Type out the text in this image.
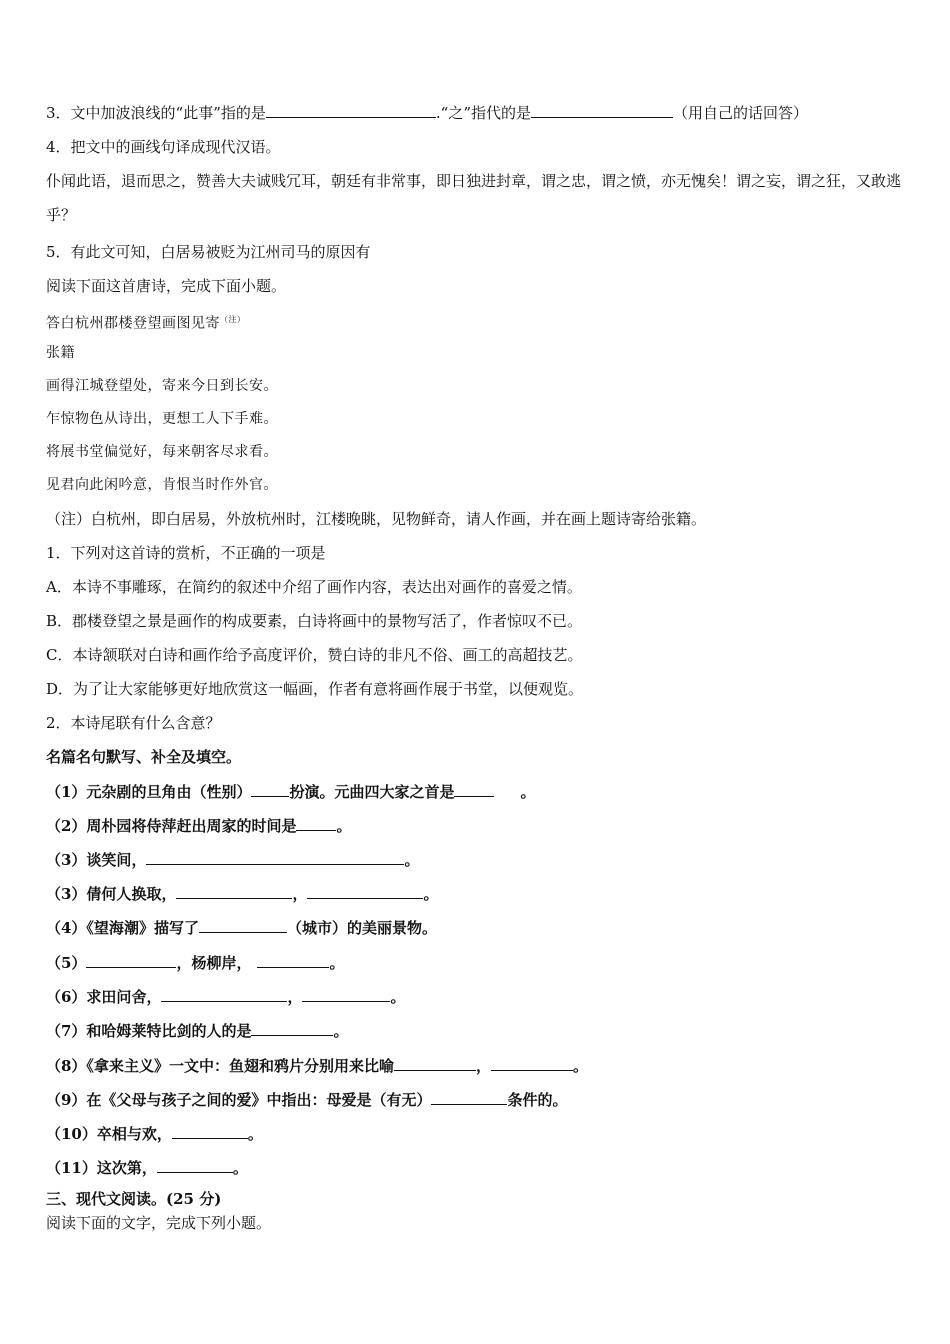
3．文中加波浪线的“此事”指的是	.“之”指代的是	（用自己的话回答）
4．把文中的画线句译成现代汉语。
仆闻此语，退而思之，赞善大夫诚贱冗耳，朝廷有非常事，即日独进封章，谓之忠，谓之愤，亦无愧矣！谓之妄，谓之狂，又敢逃乎？
5．有此文可知，白居易被贬为江州司马的原因有
阅读下面这首唐诗，完成下面小题。
答白杭州郡楼登望画图见寄$^{(注)}$
张籍
画得江城登望处，寄来今日到长安。
乍惊物色从诗出，更想工人下手难。
将展书堂偏觉好，每来朝客尽求看。
见君向此闲吟意，肯恨当时作外官。
（注）白杭州，即白居易，外放杭州时，江楼晚眺，见物鲜奇，请人作画，并在画上题诗寄给张籍。
1．下列对这首诗的赏析，不正确的一项是
A．本诗不事雕琢，在简约的叙述中介绍了画作内容，表达出对画作的喜爱之情。
B．郡楼登望之景是画作的构成要素，白诗将画中的景物写活了，作者惊叹不已。
C．本诗颔联对白诗和画作给予高度评价，赞白诗的非凡不俗、画工的高超技艺。
D．为了让大家能够更好地欣赏这一幅画，作者有意将画作展于书堂，以便观览。
2．本诗尾联有什么含意？
名篇名句默写、补全及填空。
（1）元杂剧的旦角由（性别）	扮演。元曲四大家之首是	。
（2）周朴园将侍萍赶出周家的时间是	。
（3）谈笑间，	。
（3）倩何人换取，	，	。
（4）《望海潮》描写了	（城市）的美丽景物。
（5）	，杨柳岸，	。
（6）求田问舍，	，	。
（7）和哈姆莱特比剑的人的是	。
（8）《拿来主义》一文中：鱼翅和鸦片分别用来比喻	，	。
（9）在《父母与孩子之间的爱》中指出：母爱是（有无）	条件的。
（10）卒相与欢，	。
（11）这次第，	。
三、现代文阅读。(25 分)
阅读下面的文字，完成下列小题。
